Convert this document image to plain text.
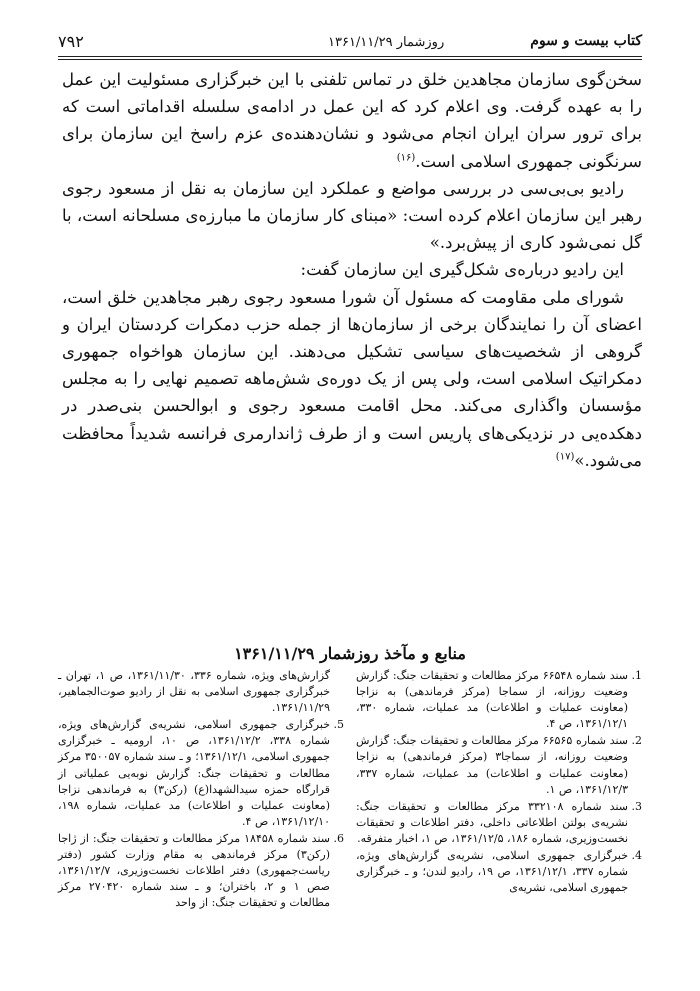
۷۹۲	روزشمار ۱۳۶۱/۱۱/۲۹	کتاب بیست و سوم

سخن‌گوی سازمان مجاهدین خلق در تماس تلفنی با این خبرگزاری مسئولیت این عمل را به عهده گرفت. وی اعلام کرد که این عمل در ادامه‌ی سلسله اقداماتی است که برای ترور سران ایران انجام می‌شود و نشان‌دهنده‌ی عزم راسخ این سازمان برای سرنگونی جمهوری اسلامی است.$^{(۱۶)}$

رادیو بی‌بی‌سی در بررسی مواضع و عملکرد این سازمان به نقل از مسعود رجوی رهبر این سازمان اعلام کرده است: «مبنای کار سازمان ما مبارزه‌ی مسلحانه است، با گل نمی‌شود کاری از پیش‌برد.»

این رادیو درباره‌ی شکل‌گیری این سازمان گفت:

شورای ملی مقاومت که مسئول آن شورا مسعود رجوی رهبر مجاهدین خلق است، اعضای آن را نمایندگان برخی از سازمان‌ها از جمله حزب دمکرات کردستان ایران و گروهی از شخصیت‌های سیاسی تشکیل می‌دهند. این سازمان هواخواه جمهوری دمکراتیک اسلامی است، ولی پس از یک دوره‌ی شش‌ماهه تصمیم نهایی را به مجلس مؤسسان واگذاری می‌کند. محل اقامت مسعود رجوی و ابوالحسن بنی‌صدر در دهکده‌یی در نزدیکی‌های پاریس است و از طرف ژاندارمری فرانسه شدیداً محافظت می‌شود.»$^{(۱۷)}$

منابع و مآخذ روزشمار ۱۳۶۱/۱۱/۲۹
1.
سند شماره ۶۶۵۴۸ مرکز مطالعات و تحقیقات جنگ: گزارش وضعیت روزانه، از سماجا (مرکز فرماندهی) به نزاجا (معاونت عملیات و اطلاعات) مد عملیات، شماره ۳۳۰، ۱۳۶۱/۱۲/۱، ص ۴.
2.
سند شماره ۶۶۵۶۵ مرکز مطالعات و تحقیقات جنگ: گزارش وضعیت روزانه، از سماجا۳ (مرکز فرماندهی) به نزاجا (معاونت عملیات و اطلاعات) مد عملیات، شماره ۳۳۷، ۱۳۶۱/۱۲/۳، ص ۱.
3.
سند شماره ۳۳۲۱۰۸ مرکز مطالعات و تحقیقات جنگ: نشریه‌ی بولتن اطلاعاتی داخلی، دفتر اطلاعات و تحقیقات نخست‌وزیری، شماره ۱۸۶، ۱۳۶۱/۱۲/۵، ص ۱، اخبار متفرقه.
4.
خبرگزاری جمهوری اسلامی، نشریه‌ی گزارش‌های ویژه، شماره ۳۳۷، ۱۳۶۱/۱۲/۱، ص ۱۹، رادیو لندن؛ و ـ خبرگزاری جمهوری اسلامی، نشریه‌ی
گزارش‌های ویژه، شماره ۳۳۶، ۱۳۶۱/۱۱/۳۰، ص ۱، تهران ـ خبرگزاری جمهوری اسلامی به نقل از رادیو صوت‌الجماهیر، ۱۳۶۱/۱۱/۲۹.
5.
خبرگزاری جمهوری اسلامی، نشریه‌ی گزارش‌های ویژه، شماره ۳۳۸، ۱۳۶۱/۱۲/۲، ص ۱۰، ارومیه ـ خبرگزاری جمهوری اسلامی، ۱۳۶۱/۱۲/۱؛ و ـ سند شماره ۳۵۰۰۵۷ مرکز مطالعات و تحقیقات جنگ: گزارش نوبه‌یی عملیاتی از قرارگاه حمزه سیدالشهدا(ع) (رکن۳) به فرماندهی نزاجا (معاونت عملیات و اطلاعات) مد عملیات، شماره ۱۹۸، ۱۳۶۱/۱۲/۱۰، ص ۴.
6.
سند شماره ۱۸۴۵۸ مرکز مطالعات و تحقیقات جنگ: از ژاجا (رکن۳) مرکز فرماندهی به مقام وزارت کشور (دفتر ریاست‌جمهوری) دفتر اطلاعات نخست‌وزیری، ۱۳۶۱/۱۲/۷، صص ۱ و ۲، باختران؛ و ـ سند شماره ۲۷۰۴۲۰ مرکز مطالعات و تحقیقات جنگ: از واحد
